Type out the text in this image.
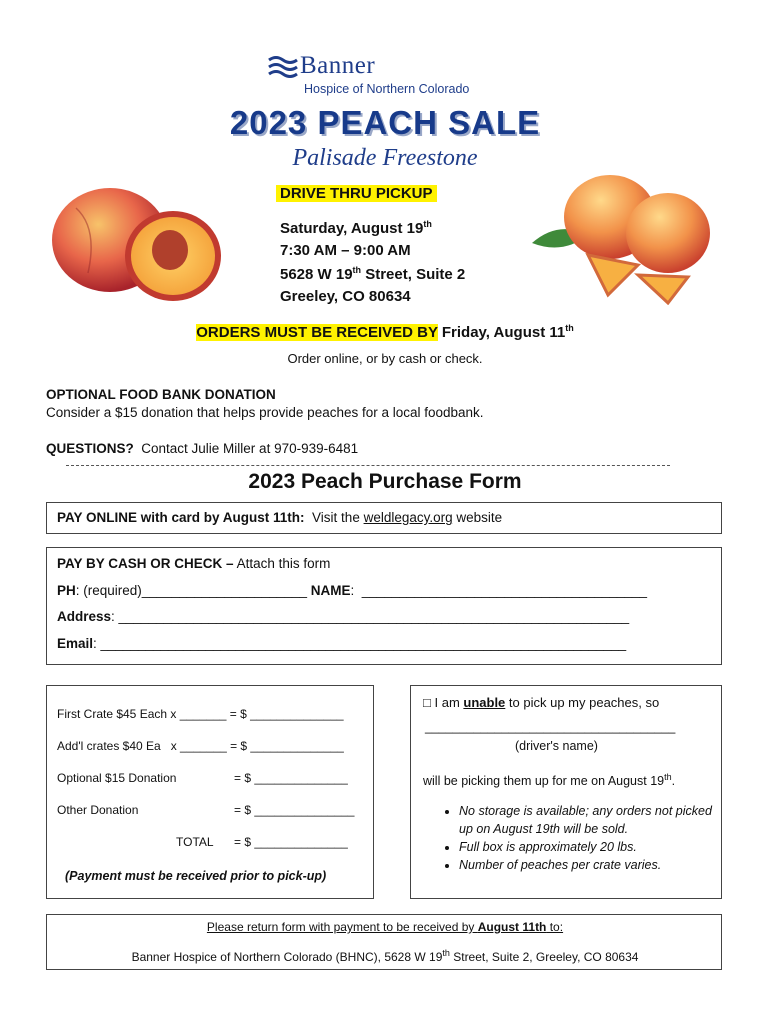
Banner
Hospice of Northern Colorado
2023 PEACH SALE
Palisade Freestone
DRIVE THRU PICKUP
Saturday, August 19th
7:30 AM – 9:00 AM
5628 W 19th Street, Suite 2
Greeley, CO 80634
ORDERS MUST BE RECEIVED BY Friday, August 11th
Order online, or by cash or check.
OPTIONAL FOOD BANK DONATION
Consider a $15 donation that helps provide peaches for a local foodbank.
QUESTIONS?  Contact Julie Miller at 970-939-6481
2023 Peach Purchase Form
PAY ONLINE with card by August 11th:  Visit the weldlegacy.org website
PAY BY CASH OR CHECK – Attach this form
PH: (required)______________________ NAME:  ______________________________________
Address: ____________________________________________________________________
Email: ______________________________________________________________________
First Crate $45 Each x _______ = $ ______________
Add'l crates $40 Ea   x _______ = $ ______________
Optional $15 Donation	= $ ______________
Other Donation	= $ _______________
TOTAL = $ ______________
(Payment must be received prior to pick-up)
□ I am unable to pick up my peaches, so
____________________________________
(driver's name)
will be picking them up for me on August 19th.
• No storage is available; any orders not picked up on August 19th will be sold.
• Full box is approximately 20 lbs.
• Number of peaches per crate varies.
Please return form with payment to be received by August 11th to:
Banner Hospice of Northern Colorado (BHNC), 5628 W 19th Street, Suite 2, Greeley, CO 80634
